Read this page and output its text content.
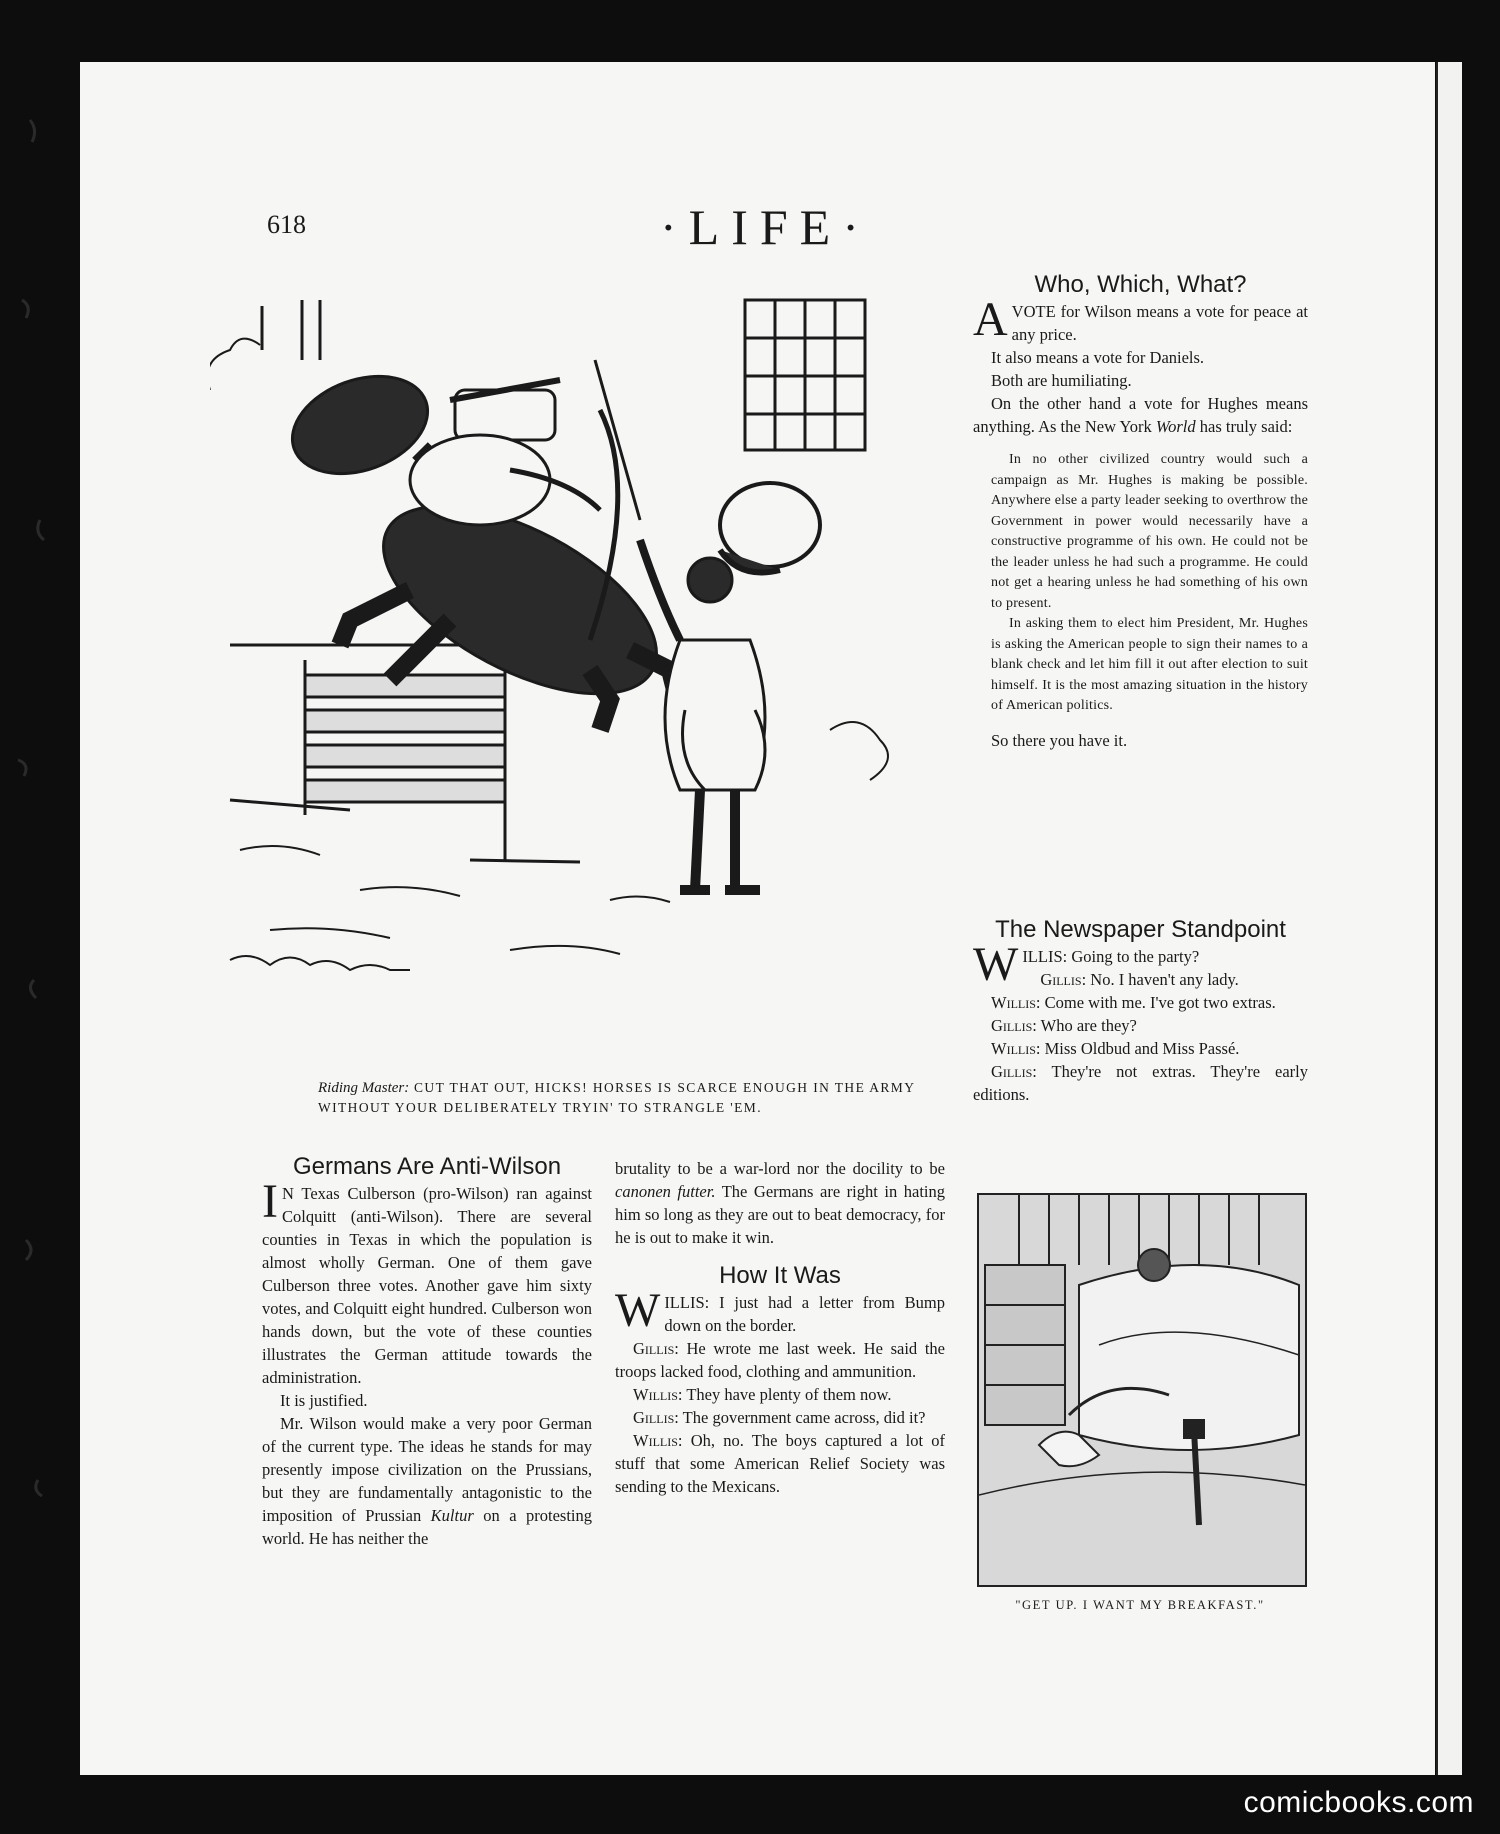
618	·LIFE·
Riding Master: CUT THAT OUT, HICKS! HORSES IS SCARCE ENOUGH IN THE ARMY WITHOUT YOUR DELIBERATELY TRYIN' TO STRANGLE 'EM.
Who, Which, What?

AVOTE for Wilson means a vote for peace at any price.

It also means a vote for Daniels.

Both are humiliating.

On the other hand a vote for Hughes means anything. As the New York World has truly said:

In no other civilized country would such a campaign as Mr. Hughes is making be possible. Anywhere else a party leader seeking to overthrow the Government in power would necessarily have a constructive programme of his own. He could not be the leader unless he had such a programme. He could not get a hearing unless he had something of his own to present.

In asking them to elect him President, Mr. Hughes is asking the American people to sign their names to a blank check and let him fill it out after election to suit himself. It is the most amazing situation in the history of American politics.

So there you have it.

The Newspaper Standpoint

WILLIS: Going to the party?

Gillis: No. I haven't any lady.

Willis: Come with me. I've got two extras.

Gillis: Who are they?

Willis: Miss Oldbud and Miss Passé.

Gillis: They're not extras. They're early editions.

Germans Are Anti-Wilson

I N Texas Culberson (pro-Wilson) ran against Colquitt (anti-Wilson). There are several counties in Texas in which the population is almost wholly German. One of them gave Culberson three votes. Another gave him sixty votes, and Colquitt eight hundred. Culberson won hands down, but the vote of these counties illustrates the German attitude towards the administration.

It is justified.

Mr. Wilson would make a very poor German of the current type. The ideas he stands for may presently impose civilization on the Prussians, but they are fundamentally antagonistic to the imposition of Prussian Kultur on a protesting world. He has neither the

brutality to be a war-lord nor the docility to be canonen futter. The Germans are right in hating him so long as they are out to beat democracy, for he is out to make it win.

How It Was

WILLIS: I just had a letter from Bump down on the border.

Gillis: He wrote me last week. He said the troops lacked food, clothing and ammunition.

Willis: They have plenty of them now.

Gillis: The government came across, did it?

Willis: Oh, no. The boys captured a lot of stuff that some American Relief Society was sending to the Mexicans.

"GET UP. I WANT MY BREAKFAST."
comicbooks.com
